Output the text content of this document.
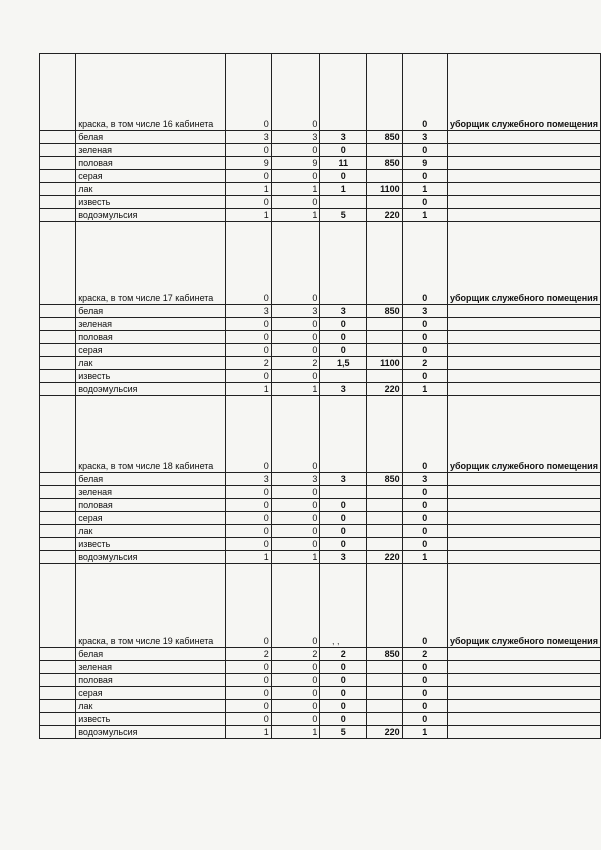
	краска, в том числе 16 кабинета	0	0			0	уборщик служебного помещения
	белая	3	3	3	850	3	
	зеленая	0	0	0		0	
	половая	9	9	11	850	9	
	серая	0	0	0		0	
	лак	1	1	1	1100	1	
	известь	0	0			0	
	водоэмульсия	1	1	5	220	1	
	краска, в том числе 17 кабинета	0	0			0	уборщик служебного помещения
	белая	3	3	3	850	3	
	зеленая	0	0	0		0	
	половая	0	0	0		0	
	серая	0	0	0		0	
	лак	2	2	1,5	1100	2	
	известь	0	0			0	
	водоэмульсия	1	1	3	220	1	
	краска, в том числе 18 кабинета	0	0			0	уборщик служебного помещения
	белая	3	3	3	850	3	
	зеленая	0	0			0	
	половая	0	0	0		0	
	серая	0	0	0		0	
	лак	0	0	0		0	
	известь	0	0	0		0	
	водоэмульсия	1	1	3	220	1	
	краска, в том числе 19 кабинета	0	0			0	уборщик служебного помещения
	белая	2	2	2	850	2	
	зеленая	0	0	0		0	
	половая	0	0	0		0	
	серая	0	0	0		0	
	лак	0	0	0		0	
	известь	0	0	0		0	
	водоэмульсия	1	1	5	220	1	
, ,
